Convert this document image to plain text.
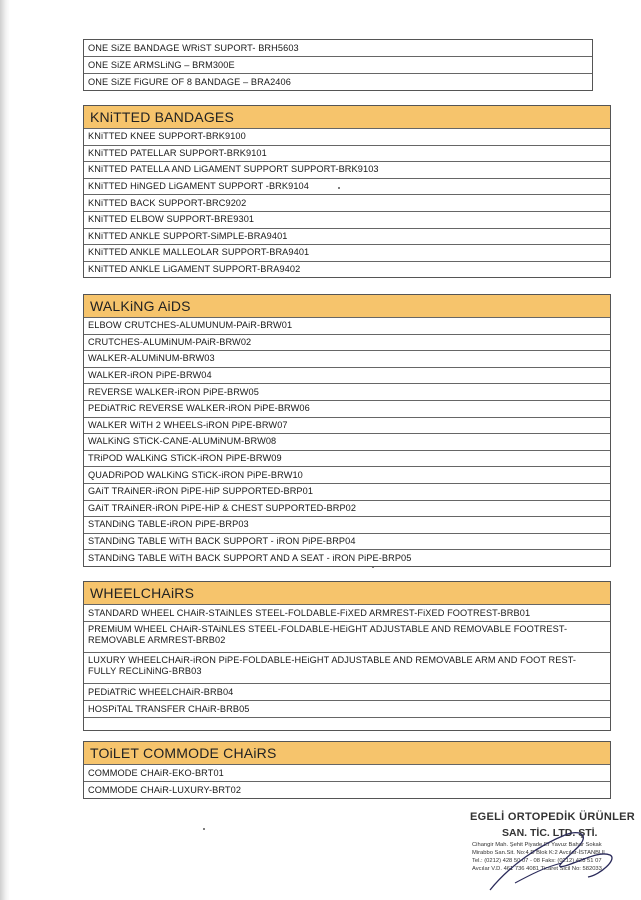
ONE SiZE BANDAGE WRiST SUPORT- BRH5603
ONE SiZE ARMSLiNG – BRM300E
ONE SiZE FiGURE OF 8 BANDAGE – BRA2406
KNiTTED BANDAGES
KNiTTED KNEE SUPPORT-BRK9100
KNiTTED PATELLAR SUPPORT-BRK9101
KNiTTED PATELLA AND LiGAMENT SUPPORT SUPPORT-BRK9103
KNiTTED HiNGED LiGAMENT SUPPORT -BRK9104
KNiTTED BACK SUPPORT-BRC9202
KNiTTED ELBOW SUPPORT-BRE9301
KNiTTED ANKLE SUPPORT-SiMPLE-BRA9401
KNiTTED ANKLE MALLEOLAR SUPPORT-BRA9401
KNiTTED ANKLE LiGAMENT SUPPORT-BRA9402
WALKiNG AiDS
ELBOW CRUTCHES-ALUMUNUM-PAiR-BRW01
CRUTCHES-ALUMiNUM-PAiR-BRW02
WALKER-ALUMiNUM-BRW03
WALKER-iRON PiPE-BRW04
REVERSE WALKER-iRON PiPE-BRW05
PEDiATRiC REVERSE WALKER-iRON PiPE-BRW06
WALKER WiTH 2 WHEELS-iRON PiPE-BRW07
WALKiNG STiCK-CANE-ALUMiNUM-BRW08
TRiPOD WALKiNG STiCK-iRON PiPE-BRW09
QUADRiPOD WALKiNG STiCK-iRON PiPE-BRW10
GAiT TRAiNER-iRON PiPE-HiP SUPPORTED-BRP01
GAiT TRAiNER-iRON PiPE-HiP & CHEST SUPPORTED-BRP02
STANDiNG TABLE-iRON PiPE-BRP03
STANDiNG TABLE WiTH BACK SUPPORT - iRON PiPE-BRP04
STANDiNG TABLE WiTH BACK SUPPORT AND A SEAT - iRON PiPE-BRP05
WHEELCHAiRS
STANDARD WHEEL CHAiR-STAiNLES STEEL-FOLDABLE-FiXED ARMREST-FiXED FOOTREST-BRB01
PREMiUM WHEEL CHAiR-STAiNLES STEEL-FOLDABLE-HEiGHT ADJUSTABLE AND REMOVABLE FOOTREST-REMOVABLE ARMREST-BRB02
LUXURY WHEELCHAiR-iRON PiPE-FOLDABLE-HEiGHT ADJUSTABLE AND REMOVABLE ARM AND FOOT REST- FULLY RECLiNiNG-BRB03
PEDiATRiC WHEELCHAiR-BRB04
HOSPiTAL TRANSFER CHAiR-BRB05
TOiLET COMMODE CHAiRS
COMMODE CHAiR-EKO-BRT01
COMMODE CHAiR-LUXURY-BRT02
EGELİ ORTOPEDİK ÜRÜNLER
SAN. TİC. LTD. ŞTİ.
Cihangir Mah. Şehit Piyade Er Yavuz Bahar Sokak
Mirabbo San.Sit. No:4 D Blok K:2 Avcılar-İSTANBUL
Tel.: (0212) 428 50 07 - 08 Faks: (0212) 428 51 07
Avcılar V.D. 461 736 4081 Ticaret Sicil No: 582033
